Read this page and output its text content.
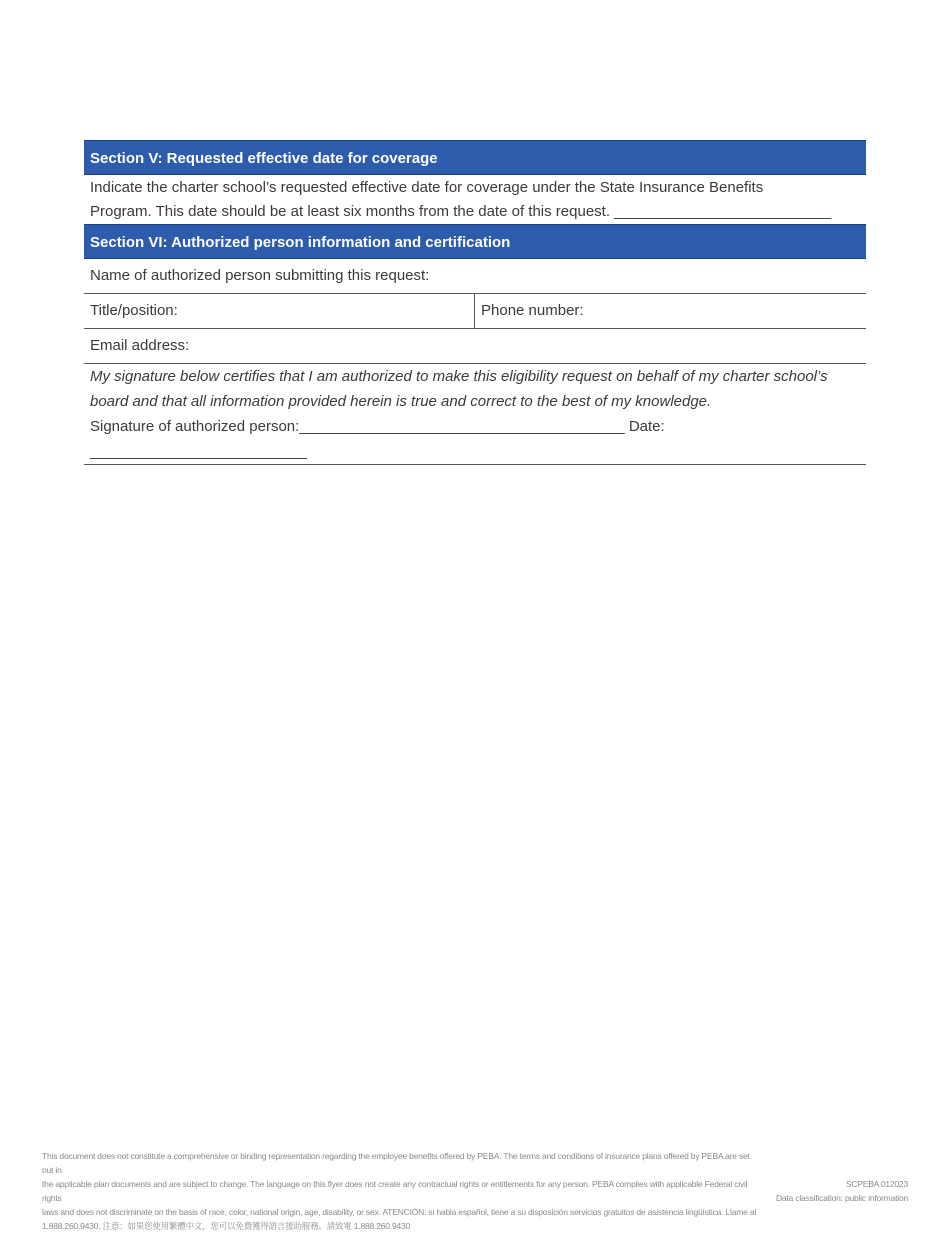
Section V: Requested effective date for coverage
Indicate the charter school’s requested effective date for coverage under the State Insurance Benefits
Program. This date should be at least six months from the date of this request. __________________________
Section VI: Authorized person information and certification
Name of authorized person submitting this request:
Title/position:	Phone number:
Email address:
My signature below certifies that I am authorized to make this eligibility request on behalf of my charter school’s
board and that all information provided herein is true and correct to the best of my knowledge.
Signature of authorized person:_______________________________________ Date: __________________________
This document does not constitute a comprehensive or binding representation regarding the employee benefits offered by PEBA. The terms and conditions of insurance plans offered by PEBA are set out in
the applicable plan documents and are subject to change. The language on this flyer does not create any contractual rights or entitlements for any person. PEBA complies with applicable Federal civil rights
laws and does not discriminate on the basis of race, color, national origin, age, disability, or sex. ATENCIÓN: si habla español, tiene a su disposición servicios gratuitos de asistencia lingüística. Llame al
1.888.260.9430. 注意：如果您使用繁體中文，您可以免費獲得語言援助服務。請致電 1.888.260.9430
SCPEBA 012023
Data classification: public information
